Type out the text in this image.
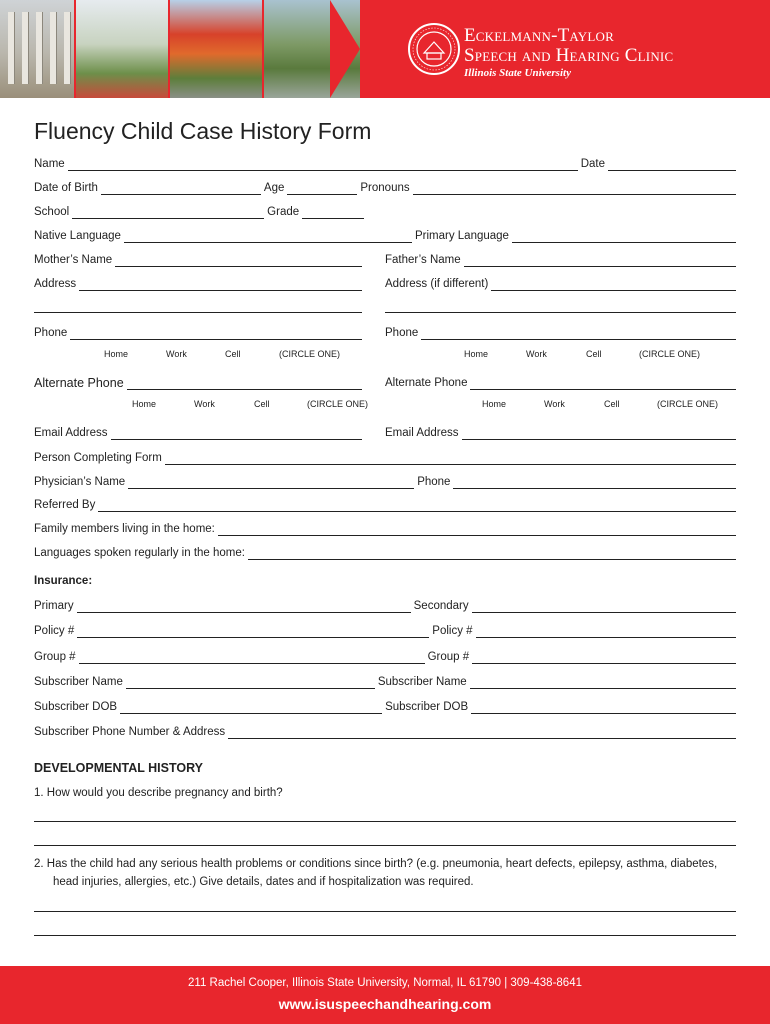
Eckelmann-Taylor
Speech and Hearing Clinic
Illinois State University
Fluency Child Case History Form
Name	Date
Date of Birth	Age	Pronouns
School	Grade
Native Language	Primary Language
Mother’s Name	Father’s Name
Address	Address (if different)
Phone	Phone
Home	Work	Cell	(CIRCLE ONE)	Home	Work	Cell	(CIRCLE ONE)
Alternate Phone	Alternate Phone
Home	Work	Cell	(CIRCLE ONE)	Home	Work	Cell	(CIRCLE ONE)
Email Address	Email Address
Person Completing Form
Physician’s Name	Phone
Referred By
Family members living in the home:
Languages spoken regularly in the home:
Insurance:
Primary	Secondary
Policy #	Policy #
Group #	Group #
Subscriber Name	Subscriber Name
Subscriber DOB	Subscriber DOB
Subscriber Phone Number & Address
DEVELOPMENTAL HISTORY
1. How would you describe pregnancy and birth?
2. Has the child had any serious health problems or conditions since birth? (e.g. pneumonia, heart defects, epilepsy, asthma, diabetes,
head injuries, allergies, etc.) Give details, dates and if hospitalization was required.
211 Rachel Cooper, Illinois State University, Normal, IL 61790 | 309-438-8641
www.isuspeechandhearing.com
